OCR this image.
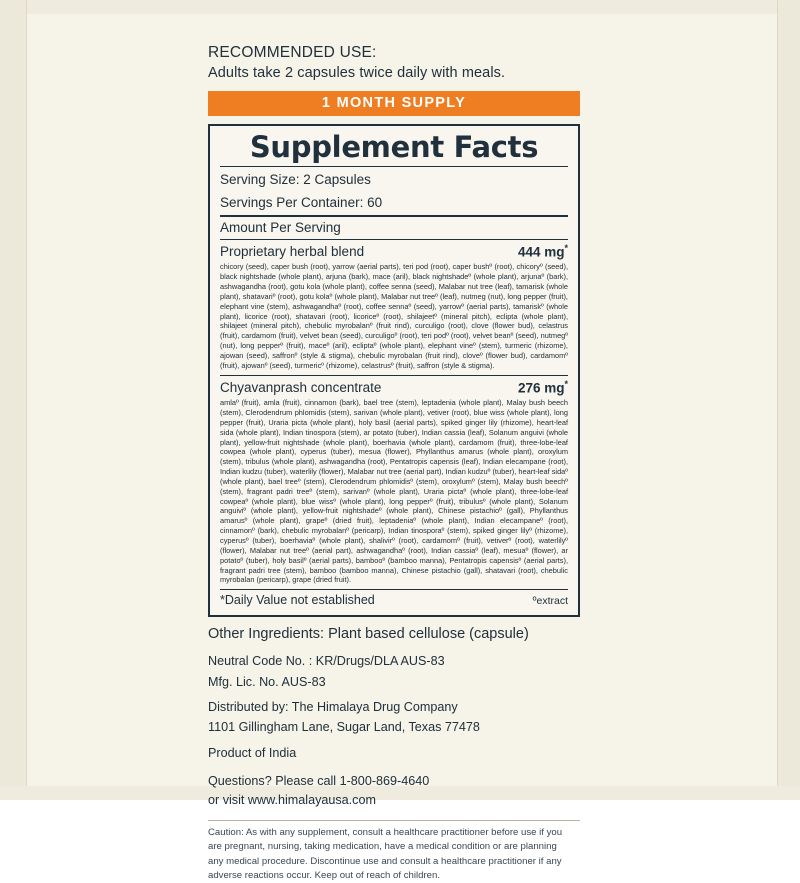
RECOMMENDED USE:
Adults take 2 capsules twice daily with meals.
1 MONTH SUPPLY
Supplement Facts
Serving Size: 2 Capsules
Servings Per Container: 60
Amount Per Serving
Proprietary herbal blend	444 mg*
chicory (seed), caper bush (root), yarrow (aerial parts), teri pod (root), caper bushº (root), chicoryº (seed), black nightshade (whole plant), arjuna (bark), mace (aril), black nightshadeº (whole plant), arjunaº (bark), ashwagandha (root), gotu kola (whole plant), coffee senna (seed), Malabar nut tree (leaf), tamarisk (whole plant), shatavariº (root), gotu kolaº (whole plant), Malabar nut treeº (leaf), nutmeg (nut), long pepper (fruit), elephant vine (stem), ashwagandhaº (root), coffee sennaº (seed), yarrowº (aerial parts), tamariskº (whole plant), licorice (root), shatavari (root), licoriceº (root), shilajeetº (mineral pitch), eclipta (whole plant), shilajeet (mineral pitch), chebulic myrobalanº (fruit rind), curculigo (root), clove (flower bud), celastrus (fruit), cardamom (fruit), velvet bean (seed), curculigoº (root), teri podº (root), velvet beanº (seed), nutmegº (nut), long pepperº (fruit), maceº (aril), ecliptaº (whole plant), elephant vineº (stem), turmeric (rhizome), ajowan (seed), saffronº (style & stigma), chebulic myrobalan (fruit rind), cloveº (flower bud), cardamomº (fruit), ajowanº (seed), turmericº (rhizome), celastrusº (fruit), saffron (style & stigma).
Chyavanprash concentrate	276 mg*
amlaº (fruit), amla (fruit), cinnamon (bark), bael tree (stem), leptadenia (whole plant), Malay bush beech (stem), Clerodendrum phlomidis (stem), sarivan (whole plant), vetiver (root), blue wiss (whole plant), long pepper (fruit), Uraria picta (whole plant), holy basil (aerial parts), spiked ginger lily (rhizome), heart-leaf sida (whole plant), Indian tinospora (stem), ar potato (tuber), Indian cassia (leaf), Solanum anguivi (whole plant), yellow-fruit nightshade (whole plant), boerhavia (whole plant), cardamom (fruit), three-lobe-leaf cowpea (whole plant), cyperus (tuber), mesua (flower), Phyllanthus amarus (whole plant), oroxylum (stem), tribulus (whole plant), ashwagandha (root), Pentatropis capensis (leaf), Indian elecampane (root), Indian kudzu (tuber), waterlily (flower), Malabar nut tree (aerial part), Indian kudzuº (tuber), heart-leaf sidaº (whole plant), bael treeº (stem), Clerodendrum phlomidisº (stem), oroxylumº (stem), Malay bush beechº (stem), fragrant padri treeº (stem), sarivanº (whole plant), Uraria pictaº (whole plant), three-lobe-leaf cowpeaº (whole plant), blue wissº (whole plant), long pepperº (fruit), tribulusº (whole plant), Solanum anguiviº (whole plant), yellow-fruit nightshadeº (whole plant), Chinese pistachioº (gall), Phyllanthus amarusº (whole plant), grapeº (dried fruit), leptadeniaº (whole plant), Indian elecampaneº (root), cinnamonº (bark), chebulic myrobalanº (pericarp), Indian tinosporaº (stem), spiked ginger lilyº (rhizome), cyperusº (tuber), boerhaviaº (whole plant), shalivirº (root), cardamomº (fruit), vetiverº (root), waterlilyº (flower), Malabar nut treeº (aerial part), ashwagandhaº (root), Indian cassiaº (leaf), mesuaº (flower), ar potatoº (tuber), holy basilº (aerial parts), bambooº (bamboo manna), Pentatropis capensisº (aerial parts), fragrant padri tree (stem), bamboo (bamboo manna), Chinese pistachio (gall), shatavari (root), chebulic myrobalan (pericarp), grape (dried fruit).
*Daily Value not established	ºextract
Other Ingredients: Plant based cellulose (capsule)
Neutral Code No. : KR/Drugs/DLA AUS-83
Mfg. Lic. No. AUS-83
Distributed by: The Himalaya Drug Company
1101 Gillingham Lane, Sugar Land, Texas 77478
Product of India
Questions? Please call 1-800-869-4640
or visit www.himalayausa.com
Caution: As with any supplement, consult a healthcare practitioner before use if you are pregnant, nursing, taking medication, have a medical condition or are planning any medical procedure. Discontinue use and consult a healthcare practitioner if any adverse reactions occur. Keep out of reach of children.
